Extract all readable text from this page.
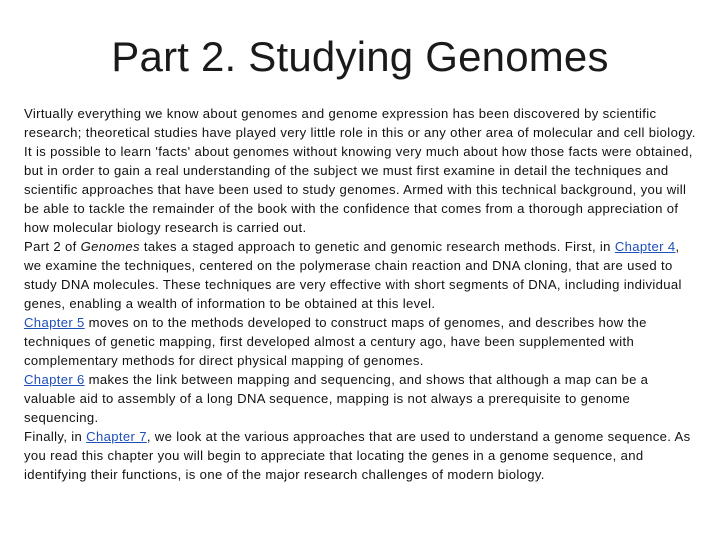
Part 2. Studying Genomes

Virtually everything we know about genomes and genome expression has been discovered by scientific research; theoretical studies have played very little role in this or any other area of molecular and cell biology. It is possible to learn 'facts' about genomes without knowing very much about how those facts were obtained, but in order to gain a real understanding of the subject we must first examine in detail the techniques and scientific approaches that have been used to study genomes. Armed with this technical background, you will be able to tackle the remainder of the book with the confidence that comes from a thorough appreciation of how molecular biology research is carried out.

Part 2 of Genomes takes a staged approach to genetic and genomic research methods. First, in Chapter 4, we examine the techniques, centered on the polymerase chain reaction and DNA cloning, that are used to study DNA molecules. These techniques are very effective with short segments of DNA, including individual genes, enabling a wealth of information to be obtained at this level.

Chapter 5 moves on to the methods developed to construct maps of genomes, and describes how the techniques of genetic mapping, first developed almost a century ago, have been supplemented with complementary methods for direct physical mapping of genomes.

Chapter 6 makes the link between mapping and sequencing, and shows that although a map can be a valuable aid to assembly of a long DNA sequence, mapping is not always a prerequisite to genome sequencing.

Finally, in Chapter 7, we look at the various approaches that are used to understand a genome sequence. As you read this chapter you will begin to appreciate that locating the genes in a genome sequence, and identifying their functions, is one of the major research challenges of modern biology.
